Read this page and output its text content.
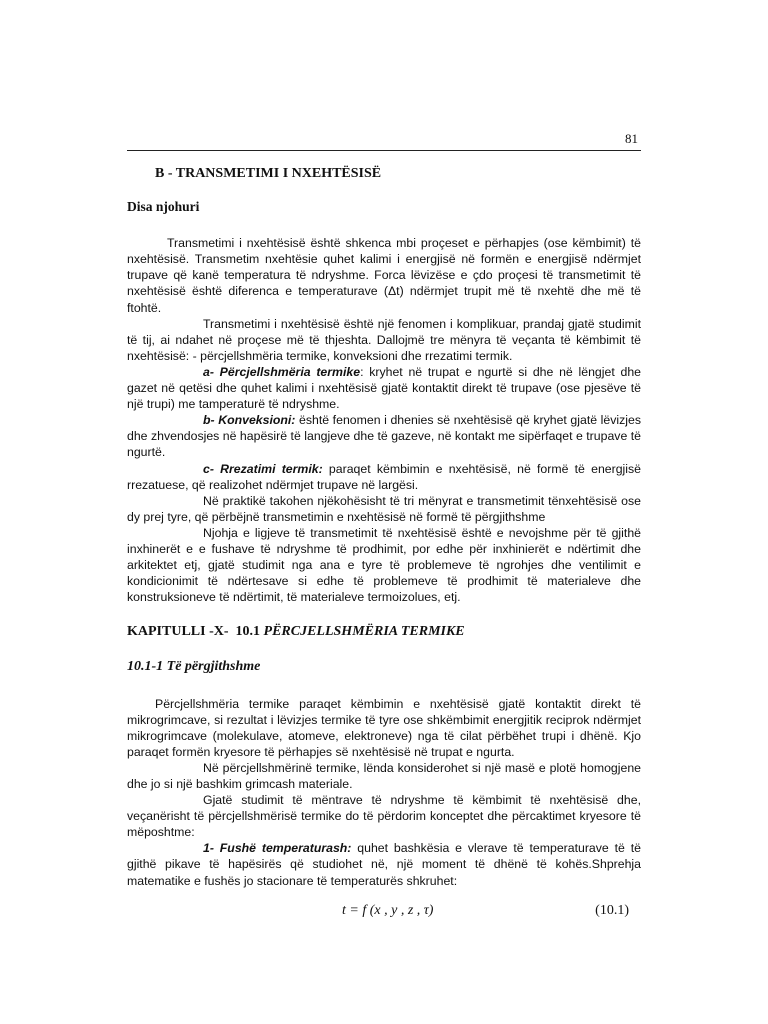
81
B - TRANSMETIMI I NXEHTËSISË
Disa njohuri

Transmetimi i nxehtësisë është shkenca mbi proçeset e përhapjes (ose këmbimit) të nxehtësisë. Transmetim nxehtësie quhet kalimi i energjisë në formën e energjisë ndërmjet trupave që kanë temperatura të ndryshme. Forca lëvizëse e çdo proçesi të transmetimit të nxehtësisë është diferenca e temperaturave (Δt) ndërmjet trupit më të nxehtë dhe më të ftohtë.

Transmetimi i nxehtësisë është një fenomen i komplikuar, prandaj gjatë studimit të tij, ai ndahet në proçese më të thjeshta. Dallojmë tre mënyra të veçanta të këmbimit të nxehtësisë: - përcjellshmëria termike, konveksioni dhe rrezatimi termik.

a- Përcjellshmëria termike: kryhet në trupat e ngurtë si dhe në lëngjet dhe gazet në qetësi dhe quhet kalimi i nxehtësisë gjatë kontaktit direkt të trupave (ose pjesëve të një trupi) me tamperaturë të ndryshme.

b- Konveksioni: është fenomen i dhenies së nxehtësisë që kryhet gjatë lëvizjes dhe zhvendosjes në hapësirë të langjeve dhe të gazeve, në kontakt me sipërfaqet e trupave të ngurtë.

c- Rrezatimi termik: paraqet këmbimin e nxehtësisë, në formë të energjisë rrezatuese, që realizohet ndërmjet trupave në largësi.

Në praktikë takohen njëkohësisht të tri mënyrat e transmetimit tënxehtësisë ose dy prej tyre, që përbëjnë transmetimin e nxehtësisë në formë të përgjithshme

Njohja e ligjeve të transmetimit të nxehtësisë është e nevojshme për të gjithë inxhinerët e e fushave të ndryshme të prodhimit, por edhe për inxhinierët e ndërtimit dhe arkitektet etj, gjatë studimit nga ana e tyre të problemeve të ngrohjes dhe ventilimit e kondicionimit të ndërtesave si edhe të problemeve të prodhimit të materialeve dhe konstruksioneve të ndërtimit, të materialeve termoizolues, etj.

KAPITULLI -X- 10.1 PËRCJELLSHMËRIA TERMIKE
10.1-1 Të përgjithshme

Përcjellshmëria termike paraqet këmbimin e nxehtësisë gjatë kontaktit direkt të mikrogrimcave, si rezultat i lëvizjes termike të tyre ose shkëmbimit energjitik reciprok ndërmjet mikrogrimcave (molekulave, atomeve, elektroneve) nga të cilat përbëhet trupi i dhënë. Kjo paraqet formën kryesore të përhapjes së nxehtësisë në trupat e ngurta.

Në përcjellshmërinë termike, lënda konsiderohet si një masë e plotë homogjene dhe jo si një bashkim grimcash materiale.

Gjatë studimit të mëntrave të ndryshme të këmbimit të nxehtësisë dhe, veçanërisht të përcjellshmërisë termike do të përdorim konceptet dhe përcaktimet kryesore të mëposhtme:

1- Fushë temperaturash: quhet bashkësia e vlerave të temperaturave të të gjithë pikave të hapësirës që studiohet në, një moment të dhënë të kohës.Shprehja matematike e fushës jo stacionare të temperaturës shkruhet:

t = f (x , y , z , τ)	(10.1)
